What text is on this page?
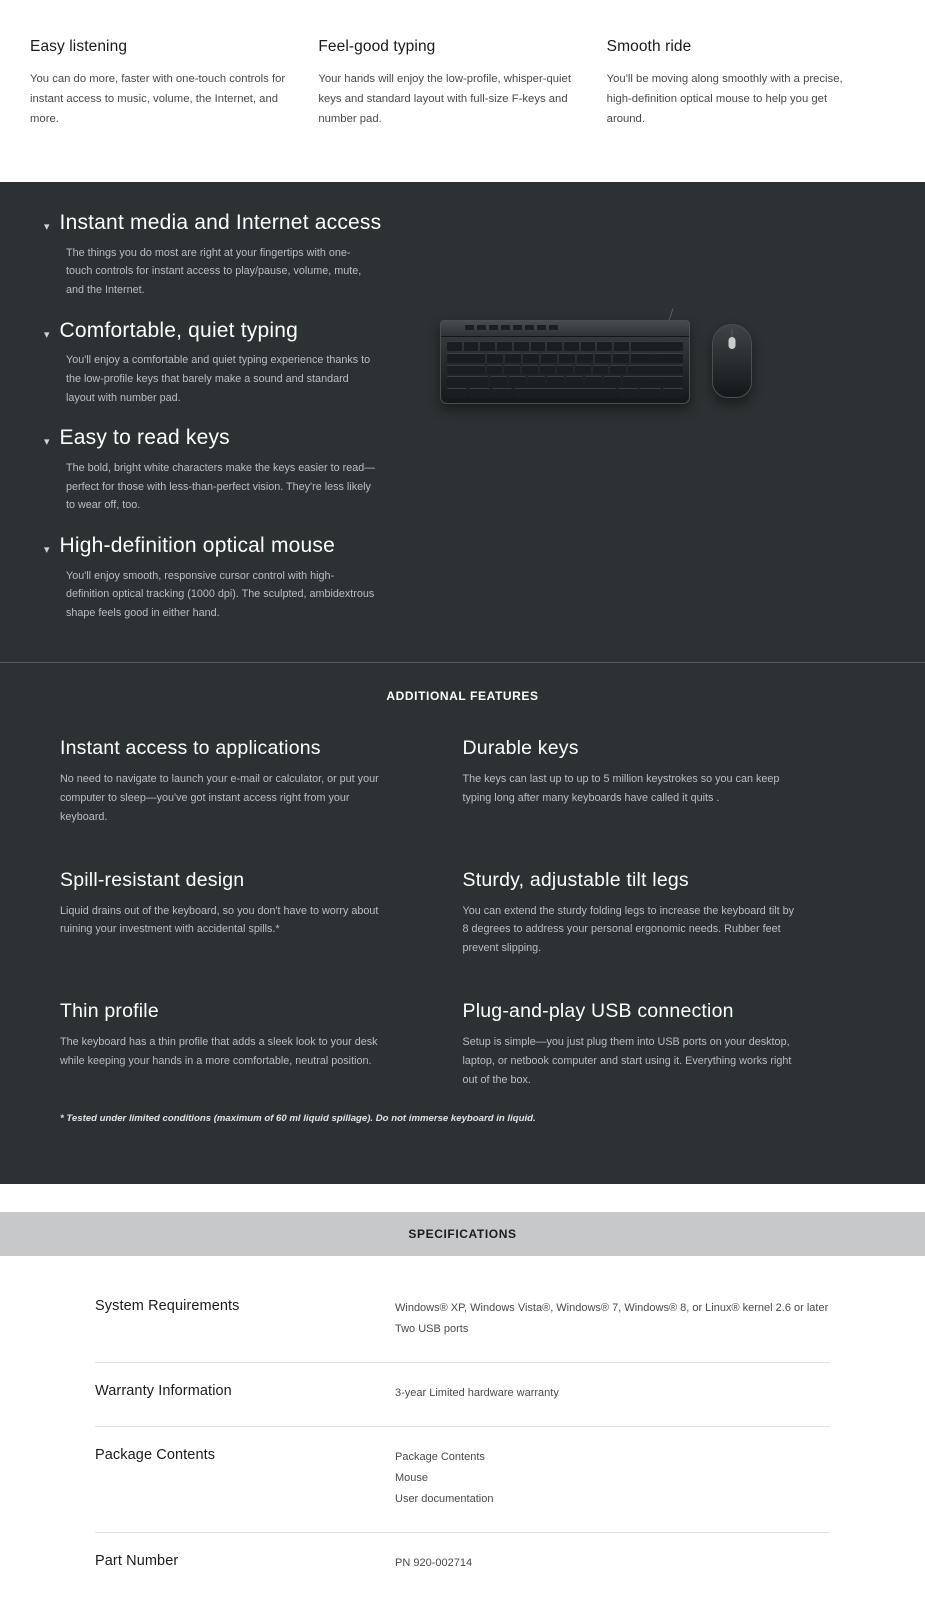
Easy listening

You can do more, faster with one-touch controls for instant access to music, volume, the Internet, and more.

Feel-good typing

Your hands will enjoy the low-profile, whisper-quiet keys and standard layout with full-size F-keys and number pad.

Smooth ride

You'll be moving along smoothly with a precise, high-definition optical mouse to help you get around.

▾ Instant media and Internet access

The things you do most are right at your fingertips with one-touch controls for instant access to play/pause, volume, mute, and the Internet.

▾ Comfortable, quiet typing

You'll enjoy a comfortable and quiet typing experience thanks to the low-profile keys that barely make a sound and standard layout with number pad.

▾ Easy to read keys

The bold, bright white characters make the keys easier to read—perfect for those with less-than-perfect vision. They're less likely to wear off, too.

▾ High-definition optical mouse

You'll enjoy smooth, responsive cursor control with high-definition optical tracking (1000 dpi). The sculpted, ambidextrous shape feels good in either hand.

ADDITIONAL FEATURES
Instant access to applications

No need to navigate to launch your e-mail or calculator, or put your computer to sleep—you've got instant access right from your keyboard.

Durable keys

The keys can last up to up to 5 million keystrokes so you can keep typing long after many keyboards have called it quits .

Spill-resistant design

Liquid drains out of the keyboard, so you don't have to worry about ruining your investment with accidental spills.*

Sturdy, adjustable tilt legs

You can extend the sturdy folding legs to increase the keyboard tilt by 8 degrees to address your personal ergonomic needs. Rubber feet prevent slipping.

Thin profile

The keyboard has a thin profile that adds a sleek look to your desk while keeping your hands in a more comfortable, neutral position.

Plug-and-play USB connection

Setup is simple—you just plug them into USB ports on your desktop, laptop, or netbook computer and start using it. Everything works right out of the box.

* Tested under limited conditions (maximum of 60 ml liquid spillage). Do not immerse keyboard in liquid.
SPECIFICATIONS
System Requirements	Windows® XP, Windows Vista®, Windows® 7, Windows® 8, or Linux® kernel 2.6 or later
Two USB ports
Warranty Information	3-year Limited hardware warranty
Package Contents	Package Contents
Mouse
User documentation
Part Number	PN 920-002714
